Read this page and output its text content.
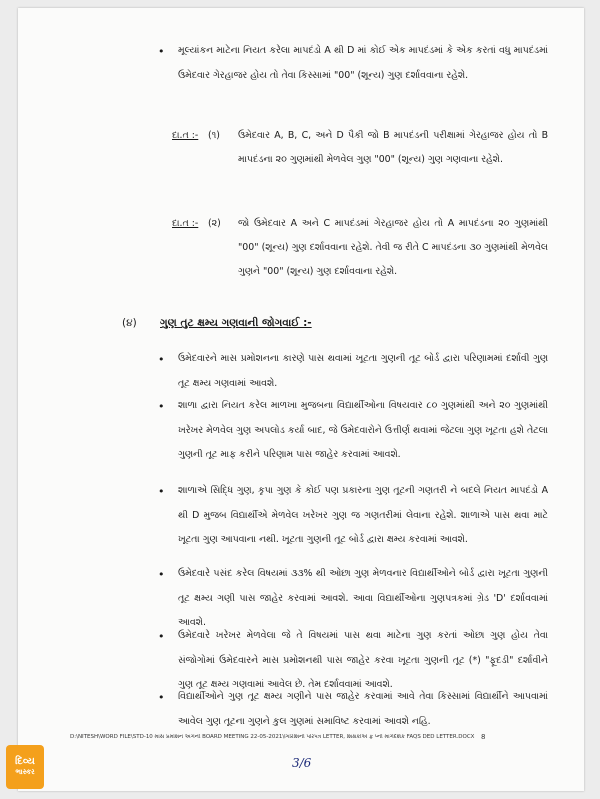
• મૂલ્યાંકન માટેના નિયત કરેલા માપદંડો A થી D માં કોઈ એક માપદંડમાં કે એક કરતાં વધુ માપદંડમાં ઉમેદવાર ગેરહાજર હોય તો તેવા કિસ્સામાં "00" (શૂન્ય) ગુણ દર્શાવવાના રહેશે.

દા.ત :- (૧) ઉમેદવાર A, B, C, અને D પૈકી જો B માપદંડની પરીક્ષામાં ગેરહાજર હોય તો B માપદંડના ૨૦ ગુણમાંથી મેળવેલ ગુણ "00" (શૂન્ય) ગુણ ગણવાના રહેશે.

દા.ત :- (૨) જો ઉમેદવાર A અને C માપદંડમાં ગેરહાજર હોય તો A માપદંડના ૨૦ ગુણમાંથી "00" (શૂન્ય) ગુણ દર્શાવવાના રહેશે. તેવી જ રીતે C માપદંડના ૩૦ ગુણમાંથી મેળવેલ ગુણને "00" (શૂન્ય) ગુણ દર્શાવવાના રહેશે.

(૪) ગુણ તુટ ક્ષમ્ય ગણવાની જોગવાઈ :-
• ઉમેદવારને માસ પ્રમોશનના કારણે પાસ થવામાં ખૂટતા ગુણની તૂટ બોર્ડ દ્વારા પરિણામમાં દર્શાવી ગુણ તૂટ ક્ષમ્ય ગણવામાં આવશે.

• શાળા દ્વારા નિયત કરેલ માળખા મુજબના વિદ્યાર્થીઓના વિષયવાર ૮૦ ગુણમાંથી અને ૨૦ ગુણમાંથી ખરેખર મેળવેલ ગુણ અપલોડ કર્યા બાદ, જે ઉમેદવારોને ઉત્તીર્ણ થવામાં જેટલા ગુણ ખૂટતા હશે તેટલા ગુણની તૂટ માફ કરીને પરિણામ પાસ જાહેર કરવામાં આવશે.

• શાળાએ સિદ્ધિ ગુણ, કૃપા ગુણ કે કોઈ પણ પ્રકારના ગુણ તૂટની ગણતરી ને બદલે નિયત માપદંડો A થી D મુજબ વિદ્યાર્થીએ મેળવેલ ખરેખર ગુણ જ ગણતરીમાં લેવાના રહેશે. શાળાએ પાસ થવા માટે ખૂટતા ગુણ આપવાના નથી. ખૂટતા ગુણની તૂટ બોર્ડ દ્વારા ક્ષમ્ય કરવામાં આવશે.

• ઉમેદવારે પસંદ કરેલ વિષયમાં ૩૩% થી ઓછા ગુણ મેળવનાર વિદ્યાર્થીઓને બોર્ડ દ્વારા ખૂટતા ગુણની તૂટ ક્ષમ્ય ગણી પાસ જાહેર કરવામાં આવશે. આવા વિદ્યાર્થીઓના ગુણપત્રકમાં ગ્રેડ 'D' દર્શાવવામાં આવશે.

• ઉમેદવારે ખરેખર મેળવેલા જે તે વિષયમાં પાસ થવા માટેના ગુણ કરતાં ઓછા ગુણ હોય તેવા સંજોગોમાં ઉમેદવારને માસ પ્રમોશનથી પાસ જાહેર કરવા ખૂટતા ગુણની તૂટ (*) "ફૂદડી" દર્શાવીને ગુણ તૂટ ક્ષમ્ય ગણવામાં આવેલ છે. તેમ દર્શાવવામાં આવશે.

• વિદ્યાર્થીઓને ગુણ તૂટ ક્ષમ્ય ગણીને પાસ જાહેર કરવામાં આવે તેવા કિસ્સામાં વિદ્યાર્થીને આપવામાં આવેલ ગુણ તૂટના ગુણને કુલ ગુણમાં સમાવિષ્ટ કરવામાં આવશે નહિ.

D:\NITESH\WORD FILE\STD-10 માસ પ્રમોશન અંગેની BOARD MEETING 22-05-2021\ગિરિશિની પરિપત્ર LETTER, શિક્ષકોએ ફ પ્ની માર્ગદર્શક FAQS DED LETTER.DOCX 8
3/6
દિવ્ય
ભાસ્કર
